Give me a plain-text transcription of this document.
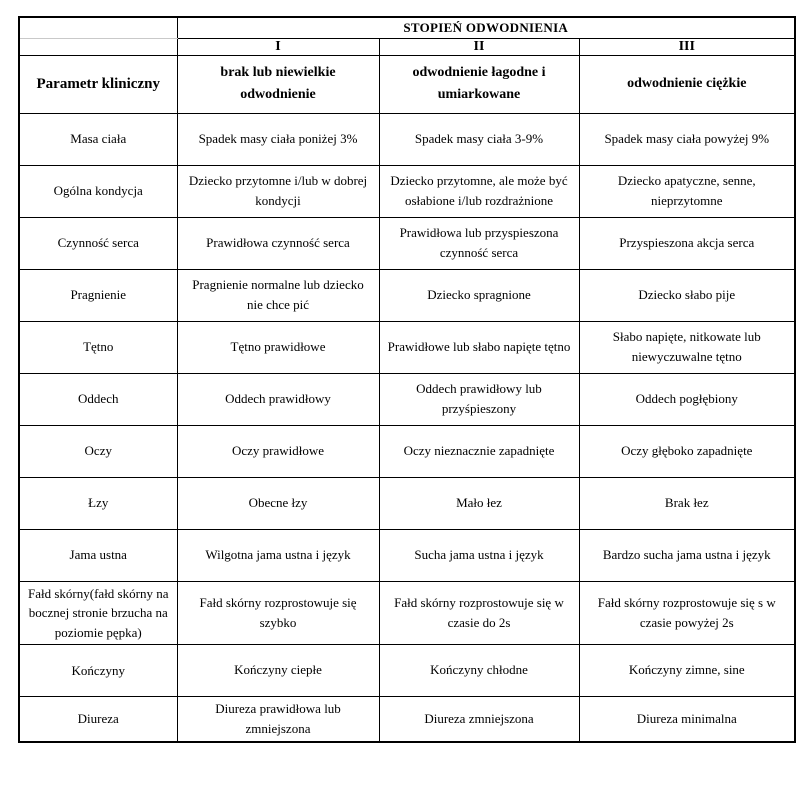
	STOPIEŃ ODWODNIENIA		
	I	II	III
Parametr kliniczny	brak lub niewielkie odwodnienie	odwodnienie łagodne i umiarkowane	odwodnienie ciężkie
Masa ciała	Spadek masy ciała poniżej 3%	Spadek masy ciała 3-9%	Spadek masy ciała powyżej 9%
Ogólna kondycja	Dziecko przytomne i/lub w dobrej kondycji	Dziecko przytomne, ale może być osłabione i/lub rozdrażnione	Dziecko apatyczne, senne, nieprzytomne
Czynność serca	Prawidłowa czynność serca	Prawidłowa lub przyspieszona czynność serca	Przyspieszona akcja serca
Pragnienie	Pragnienie normalne lub dziecko nie chce pić	Dziecko spragnione	Dziecko słabo pije
Tętno	Tętno prawidłowe	Prawidłowe lub słabo napięte tętno	Słabo napięte, nitkowate lub niewyczuwalne tętno
Oddech	Oddech prawidłowy	Oddech prawidłowy lub przyśpieszony	Oddech pogłębiony
Oczy	Oczy prawidłowe	Oczy nieznacznie zapadnięte	Oczy głęboko zapadnięte
Łzy	Obecne łzy	Mało łez	Brak łez
Jama ustna	Wilgotna jama ustna i język	Sucha jama ustna i język	Bardzo sucha jama ustna i język
Fałd skórny(fałd skórny na bocznej stronie brzucha na poziomie pępka)	Fałd skórny rozprostowuje się szybko	Fałd skórny rozprostowuje się w czasie do 2s	Fałd skórny rozprostowuje się s w czasie powyżej 2s
Kończyny	Kończyny ciepłe	Kończyny chłodne	Kończyny zimne, sine
Diureza	Diureza prawidłowa lub zmniejszona	Diureza zmniejszona	Diureza minimalna
